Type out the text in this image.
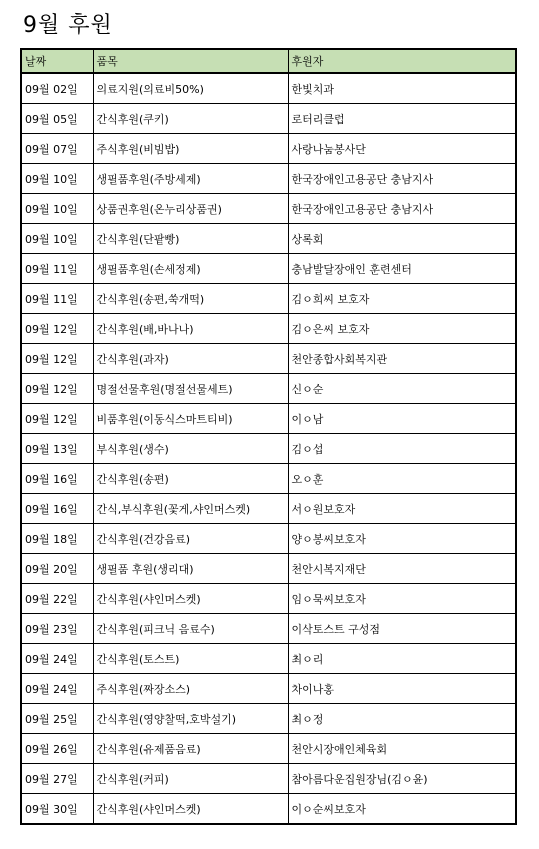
9월 후원
날짜	품목	후원자
09월 02일	의료지원(의료비50%)	한빛치과
09월 05일	간식후원(쿠키)	로터리클럽
09월 07일	주식후원(비빔밥)	사랑나눔봉사단
09월 10일	생필품후원(주방세제)	한국장애인고용공단 충남지사
09월 10일	상품권후원(온누리상품권)	한국장애인고용공단 충남지사
09월 10일	간식후원(단팥빵)	상록회
09월 11일	생필품후원(손세정제)	충남발달장애인 훈련센터
09월 11일	간식후원(송편,쑥개떡)	김ㅇ희씨 보호자
09월 12일	간식후원(배,바나나)	김ㅇ은씨 보호자
09월 12일	간식후원(과자)	천안종합사회복지관
09월 12일	명절선물후원(명절선물세트)	신ㅇ순
09월 12일	비품후원(이동식스마트티비)	이ㅇ남
09월 13일	부식후원(생수)	김ㅇ섭
09월 16일	간식후원(송편)	오ㅇ훈
09월 16일	간식,부식후원(꽃게,샤인머스켓)	서ㅇ원보호자
09월 18일	간식후원(건강음료)	양ㅇ봉씨보호자
09월 20일	생필품 후원(생리대)	천안시복지재단
09월 22일	간식후원(샤인머스켓)	임ㅇ묵씨보호자
09월 23일	간식후원(피크닉 음료수)	이삭토스트 구성점
09월 24일	간식후원(토스트)	최ㅇ리
09월 24일	주식후원(짜장소스)	차이나홍
09월 25일	간식후원(영양찰떡,호박설기)	최ㅇ정
09월 26일	간식후원(유제품음료)	천안시장애인체육회
09월 27일	간식후원(커피)	참아름다운집원장님(김ㅇ윤)
09월 30일	간식후원(샤인머스켓)	이ㅇ순씨보호자
